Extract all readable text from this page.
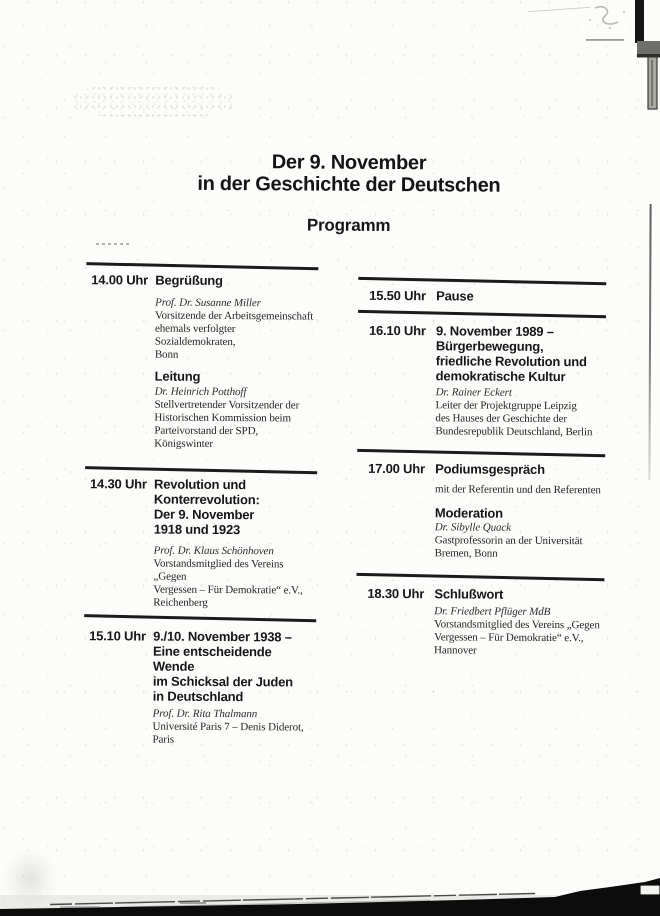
Der 9. November
in der Geschichte der Deutschen
Programm
14.00 Uhr Begrüßung
Prof. Dr. Susanne Miller
Vorsitzende der Arbeitsgemeinschaft
ehemals verfolgter Sozialdemokraten,
Bonn
Leitung
Dr. Heinrich Potthoff
Stellvertretender Vorsitzender der
Historischen Kommission beim
Parteivorstand der SPD, Königswinter
14.30 Uhr Revolution und Konterrevolution:
Der 9. November
1918 und 1923
Prof. Dr. Klaus Schönhoven
Vorstandsmitglied des Vereins „Gegen
Vergessen – Für Demokratie“ e.V.,
Reichenberg
15.10 Uhr 9./10. November 1938 –
Eine entscheidende Wende
im Schicksal der Juden
in Deutschland
Prof. Dr. Rita Thalmann
Université Paris 7 – Denis Diderot, Paris
15.50 Uhr Pause
16.10 Uhr 9. November 1989 –
Bürgerbewegung,
friedliche Revolution und
demokratische Kultur
Dr. Rainer Eckert
Leiter der Projektgruppe Leipzig
des Hauses der Geschichte der
Bundesrepublik Deutschland, Berlin
17.00 Uhr Podiumsgespräch
mit der Referentin und den Referenten
Moderation
Dr. Sibylle Quack
Gastprofessorin an der Universität
Bremen, Bonn
18.30 Uhr Schlußwort
Dr. Friedbert Pflüger MdB
Vorstandsmitglied des Vereins „Gegen
Vergessen – Für Demokratie“ e.V.,
Hannover
